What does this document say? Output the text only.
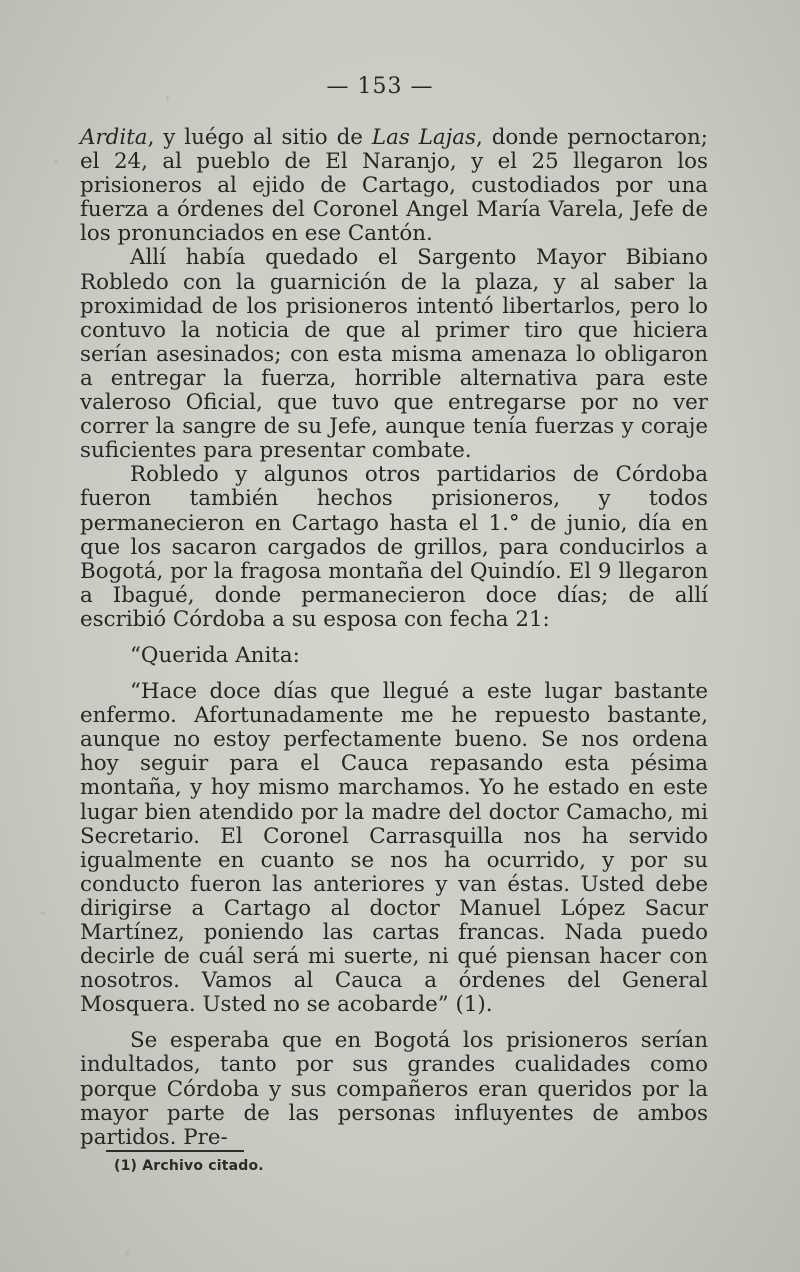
— 153 —

Ardita, y luégo al sitio de Las Lajas, donde pernoctaron; el 24, al pueblo de El Naranjo, y el 25 llegaron los prisioneros al ejido de Cartago, custodiados por una fuerza a órdenes del Coronel Angel María Varela, Jefe de los pronunciados en ese Cantón.

Allí había quedado el Sargento Mayor Bibiano Robledo con la guarnición de la plaza, y al saber la proximidad de los prisioneros intentó libertarlos, pero lo contuvo la noticia de que al primer tiro que hiciera serían asesinados; con esta misma amenaza lo obligaron a entregar la fuerza, horrible alternativa para este valeroso Oficial, que tuvo que entregarse por no ver correr la sangre de su Jefe, aunque tenía fuerzas y coraje suficientes para presentar combate.

Robledo y algunos otros partidarios de Córdoba fueron también hechos prisioneros, y todos permanecieron en Cartago hasta el 1.° de junio, día en que los sacaron cargados de grillos, para conducirlos a Bogotá, por la fragosa montaña del Quindío. El 9 llegaron a Ibagué, donde permanecieron doce días; de allí escribió Córdoba a su esposa con fecha 21:

“Querida Anita:

“Hace doce días que llegué a este lugar bastante enfermo. Afortunadamente me he repuesto bastante, aunque no estoy perfectamente bueno. Se nos ordena hoy seguir para el Cauca repasando esta pésima montaña, y hoy mismo marchamos. Yo he estado en este lugar bien atendido por la madre del doctor Camacho, mi Secretario. El Coronel Carrasquilla nos ha servido igualmente en cuanto se nos ha ocurrido, y por su conducto fueron las anteriores y van éstas. Usted debe dirigirse a Cartago al doctor Manuel López Sacur Martínez, poniendo las cartas francas. Nada puedo decirle de cuál será mi suerte, ni qué piensan hacer con nosotros. Vamos al Cauca a órdenes del General Mosquera. Usted no se acobarde” (1).

Se esperaba que en Bogotá los prisioneros serían indultados, tanto por sus grandes cualidades como porque Córdoba y sus compañeros eran queridos por la mayor parte de las personas influyentes de ambos partidos. Pre-

(1) Archivo citado.
